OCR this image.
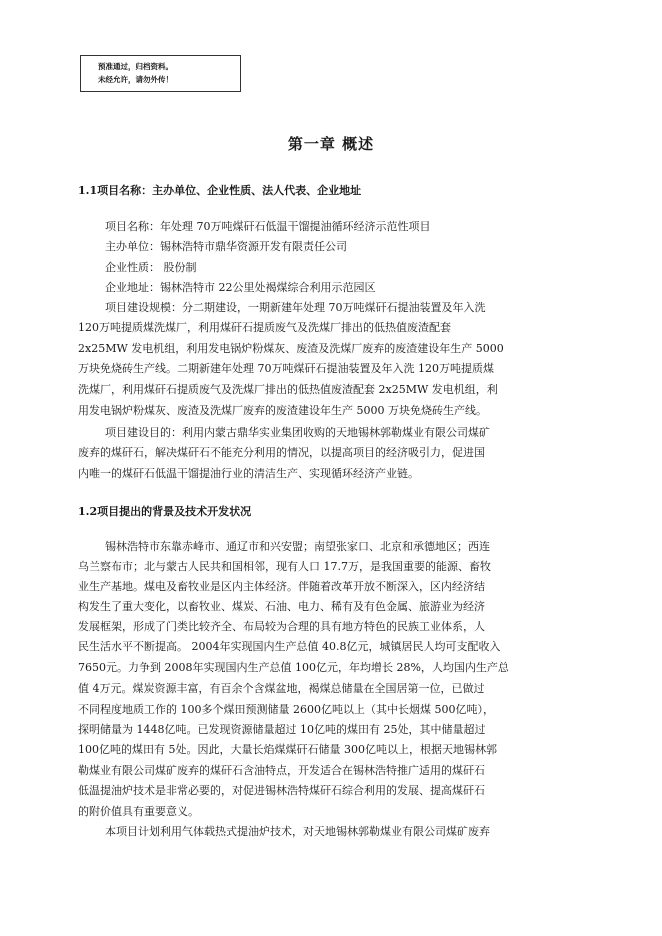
预准通过，归档资料。
未经允许，请勿外传！
第一章 概述
1.1项目名称：主办单位、企业性质、法人代表、企业地址
项目名称：年处理 70万吨煤矸石低温干馏提油循环经济示范性项目
主办单位：锡林浩特市鼎华资源开发有限责任公司
企业性质： 股份制
企业地址：锡林浩特市 22公里处褐煤综合利用示范园区
项目建设规模：分二期建设，一期新建年处理 70万吨煤矸石提油装置及年入洗
120万吨提质煤洗煤厂，利用煤矸石提质废气及洗煤厂排出的低热值废渣配套
2x25MW 发电机组，利用发电锅炉粉煤灰、废渣及洗煤厂废弃的废渣建设年生产 5000
万块免烧砖生产线。二期新建年处理 70万吨煤矸石提油装置及年入洗 120万吨提质煤
洗煤厂，利用煤矸石提质废气及洗煤厂排出的低热值废渣配套 2x25MW 发电机组，利
用发电锅炉粉煤灰、废渣及洗煤厂废弃的废渣建设年生产 5000 万块免烧砖生产线。
项目建设目的：利用内蒙古鼎华实业集团收购的天地锡林郭勒煤业有限公司煤矿
废弃的煤矸石，解决煤矸石不能充分利用的情况，以提高项目的经济吸引力，促进国
内唯一的煤矸石低温干馏提油行业的清洁生产、实现循环经济产业链。
1.2项目提出的背景及技术开发状况
锡林浩特市东靠赤峰市、通辽市和兴安盟；南望张家口、北京和承德地区；西连
乌兰察布市；北与蒙古人民共和国相邻，现有人口 17.7万，是我国重要的能源、畜牧
业生产基地。煤电及畜牧业是区内主体经济。伴随着改革开放不断深入，区内经济结
构发生了重大变化，以畜牧业、煤炭、石油、电力、稀有及有色金属、旅游业为经济
发展框架，形成了门类比较齐全、布局较为合理的具有地方特色的民族工业体系，人
民生活水平不断提高。 2004年实现国内生产总值 40.8亿元，城镇居民人均可支配收入
7650元。力争到 2008年实现国内生产总值 100亿元，年均增长 28%，人均国内生产总
值 4万元。煤炭资源丰富，有百余个含煤盆地，褐煤总储量在全国居第一位，已做过
不同程度地质工作的 100多个煤田预测储量 2600亿吨以上（其中长烟煤 500亿吨），
探明储量为 1448亿吨。已发现资源储量超过 10亿吨的煤田有 25处，其中储量超过
100亿吨的煤田有 5处。因此，大量长焰煤煤矸石储量 300亿吨以上，根据天地锡林郭
勒煤业有限公司煤矿废弃的煤矸石含油特点，开发适合在锡林浩特推广适用的煤矸石
低温提油炉技术是非常必要的，对促进锡林浩特煤矸石综合利用的发展、提高煤矸石
的附价值具有重要意义。
本项目计划利用气体载热式提油炉技术，对天地锡林郭勒煤业有限公司煤矿废弃
